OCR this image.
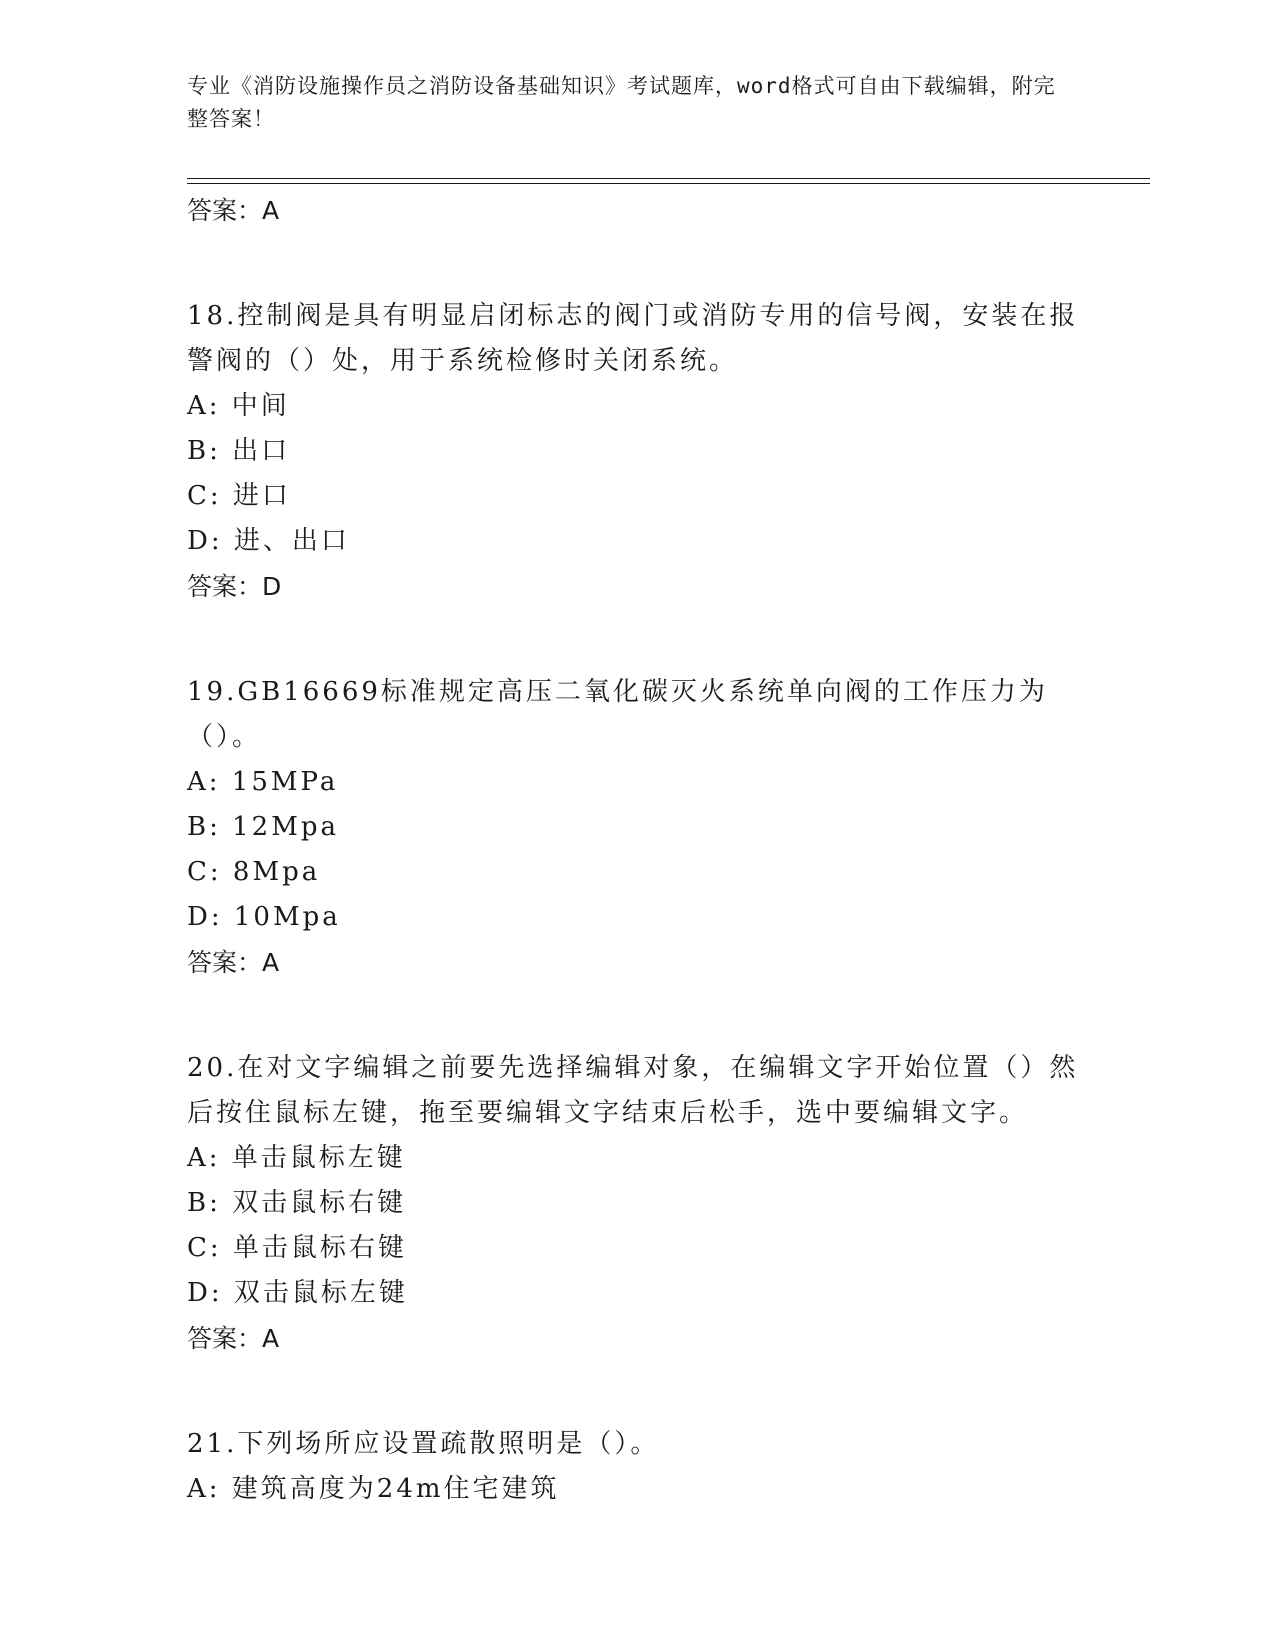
专业《消防设施操作员之消防设备基础知识》考试题库，word格式可自由下载编辑，附完整答案！

答案：A

18.控制阀是具有明显启闭标志的阀门或消防专用的信号阀，安装在报警阀的（）处，用于系统检修时关闭系统。

A: 中间

B: 出口

C: 进口

D: 进、出口

答案：D

19.GB16669标准规定高压二氧化碳灭火系统单向阀的工作压力为（）。

A: 15MPa

B: 12Mpa

C: 8Mpa

D: 10Mpa

答案：A

20.在对文字编辑之前要先选择编辑对象，在编辑文字开始位置（）然后按住鼠标左键，拖至要编辑文字结束后松手，选中要编辑文字。

A: 单击鼠标左键

B: 双击鼠标右键

C: 单击鼠标右键

D: 双击鼠标左键

答案：A

21.下列场所应设置疏散照明是（）。

A: 建筑高度为24m住宅建筑
